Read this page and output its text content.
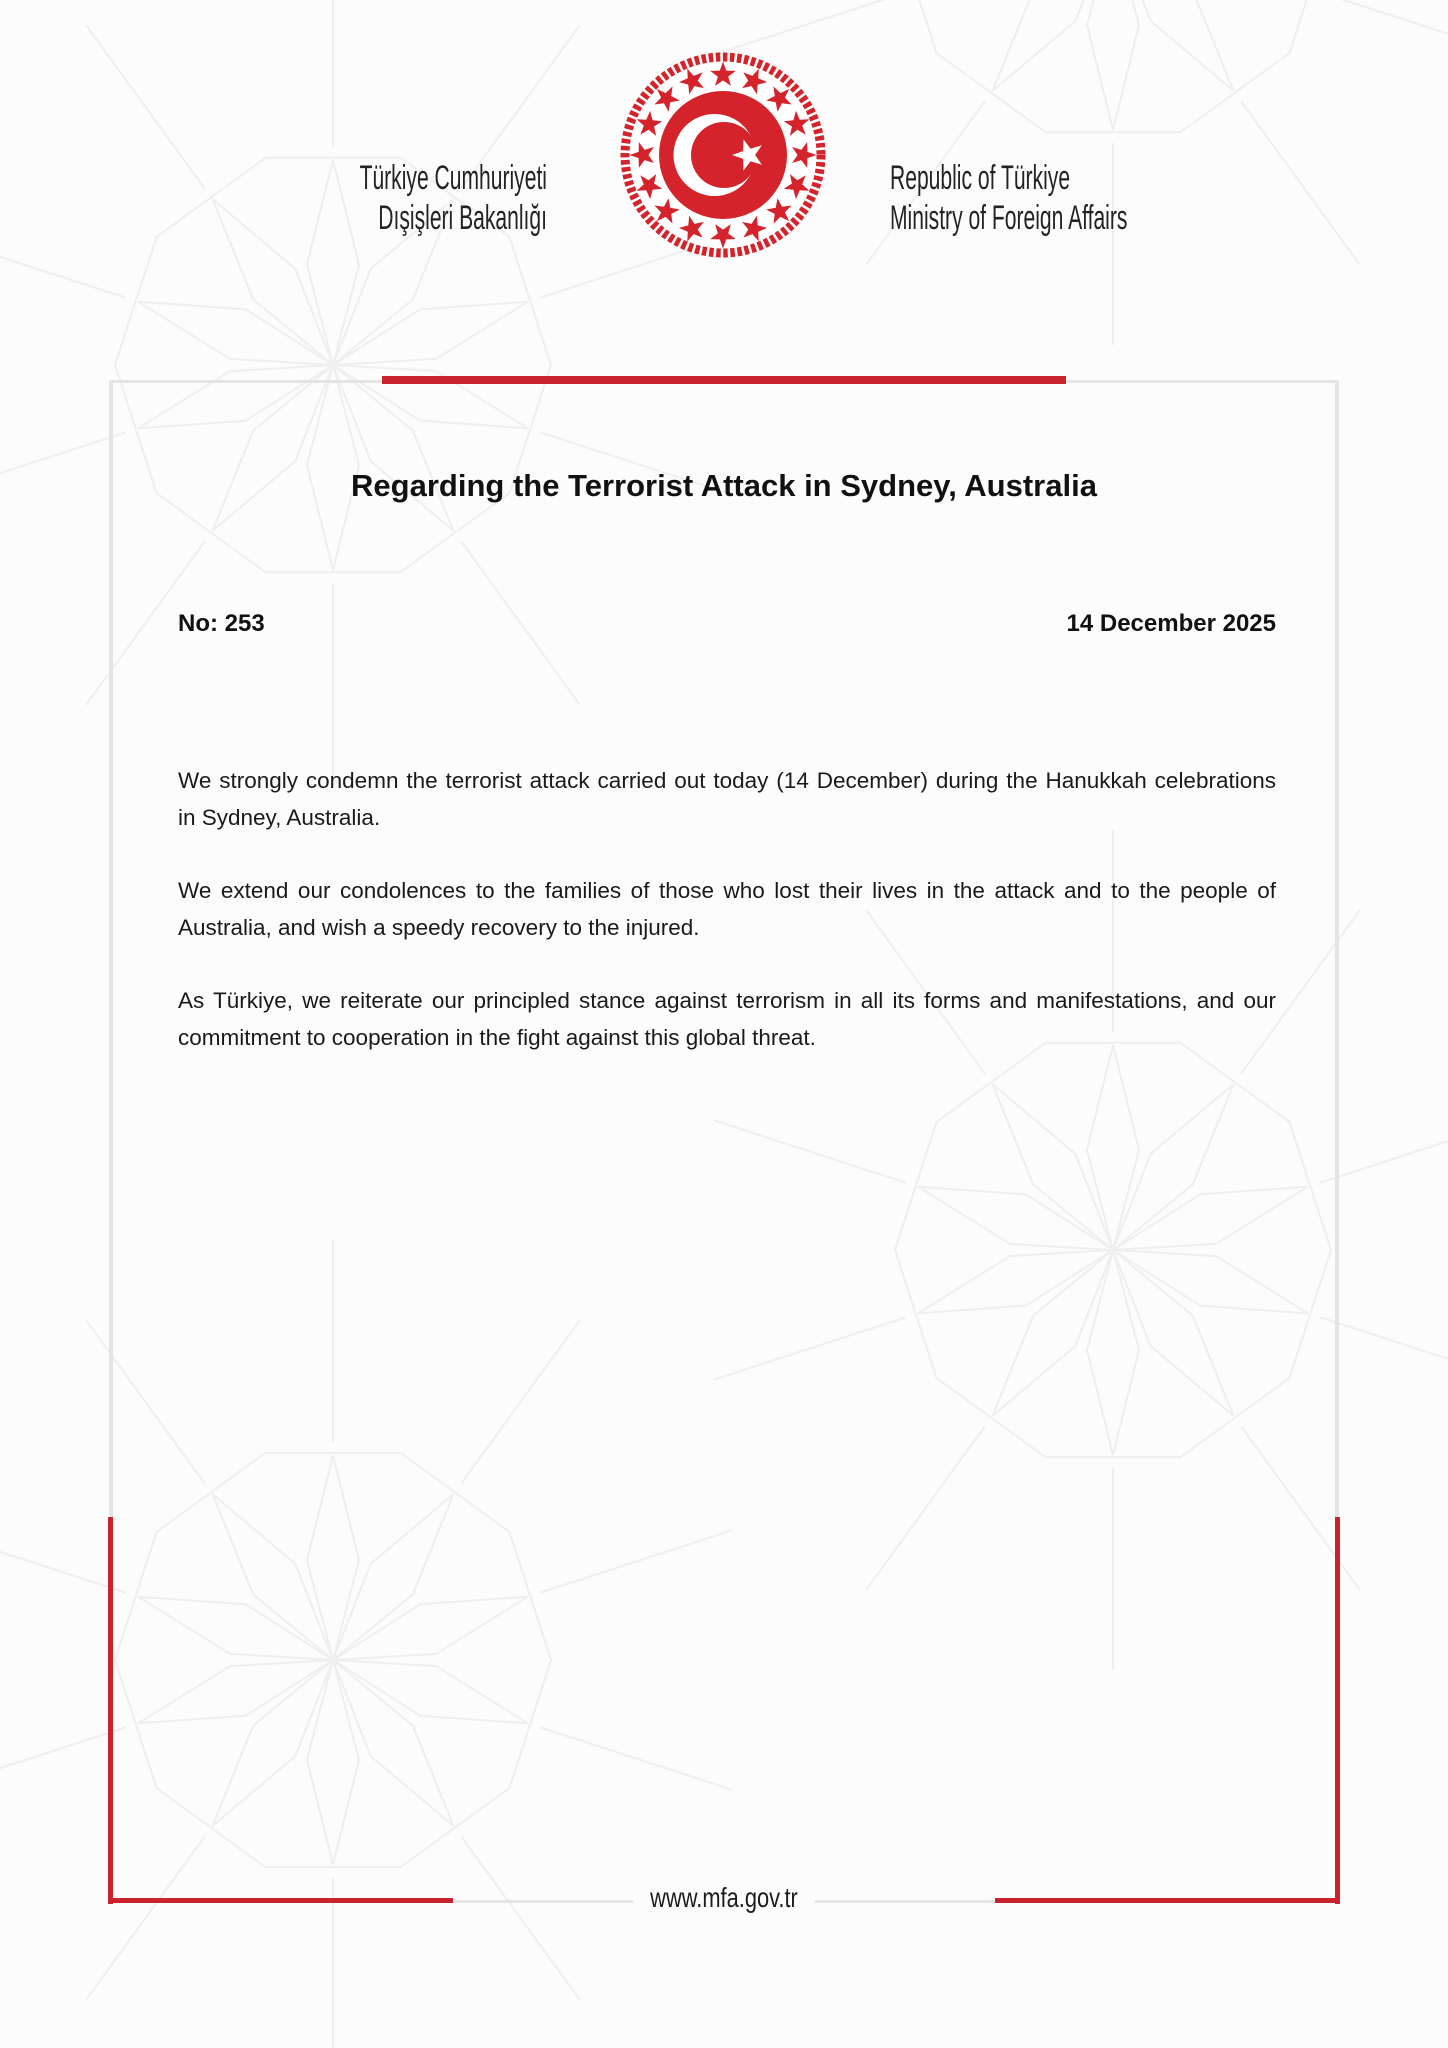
Türkiye Cumhuriyeti
Dışişleri Bakanlığı
Republic of Türkiye
Ministry of Foreign Affairs
Regarding the Terrorist Attack in Sydney, Australia
No: 253	14 December 2025

We strongly condemn the terrorist attack carried out today (14 December) during the Hanukkah celebrations in Sydney, Australia.

We extend our condolences to the families of those who lost their lives in the attack and to the people of Australia, and wish a speedy recovery to the injured.

As Türkiye, we reiterate our principled stance against terrorism in all its forms and manifestations, and our commitment to cooperation in the fight against this global threat.

www.mfa.gov.tr
